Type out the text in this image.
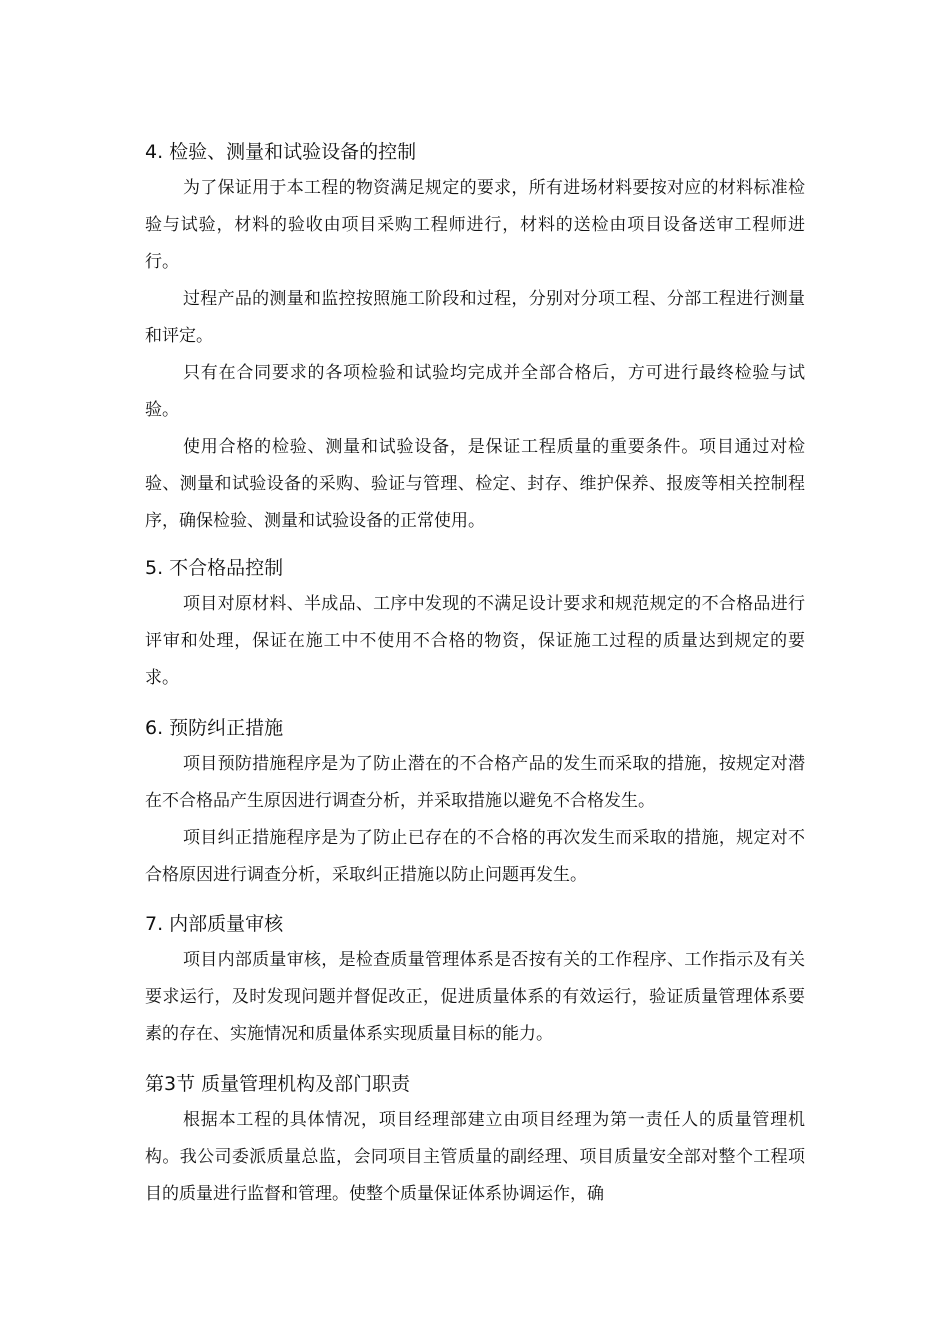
4. 检验、测量和试验设备的控制

为了保证用于本工程的物资满足规定的要求，所有进场材料要按对应的材料标准检验与试验，材料的验收由项目采购工程师进行，材料的送检由项目设备送审工程师进行。

过程产品的测量和监控按照施工阶段和过程，分别对分项工程、分部工程进行测量和评定。

只有在合同要求的各项检验和试验均完成并全部合格后，方可进行最终检验与试验。

使用合格的检验、测量和试验设备，是保证工程质量的重要条件。项目通过对检验、测量和试验设备的采购、验证与管理、检定、封存、维护保养、报废等相关控制程序，确保检验、测量和试验设备的正常使用。

5. 不合格品控制

项目对原材料、半成品、工序中发现的不满足设计要求和规范规定的不合格品进行评审和处理，保证在施工中不使用不合格的物资，保证施工过程的质量达到规定的要求。

6. 预防纠正措施

项目预防措施程序是为了防止潜在的不合格产品的发生而采取的措施，按规定对潜在不合格品产生原因进行调查分析，并采取措施以避免不合格发生。

项目纠正措施程序是为了防止已存在的不合格的再次发生而采取的措施，规定对不合格原因进行调查分析，采取纠正措施以防止问题再发生。

7. 内部质量审核

项目内部质量审核，是检查质量管理体系是否按有关的工作程序、工作指示及有关要求运行，及时发现问题并督促改正，促进质量体系的有效运行，验证质量管理体系要素的存在、实施情况和质量体系实现质量目标的能力。

第3节 质量管理机构及部门职责

根据本工程的具体情况，项目经理部建立由项目经理为第一责任人的质量管理机构。我公司委派质量总监，会同项目主管质量的副经理、项目质量安全部对整个工程项目的质量进行监督和管理。使整个质量保证体系协调运作，确
